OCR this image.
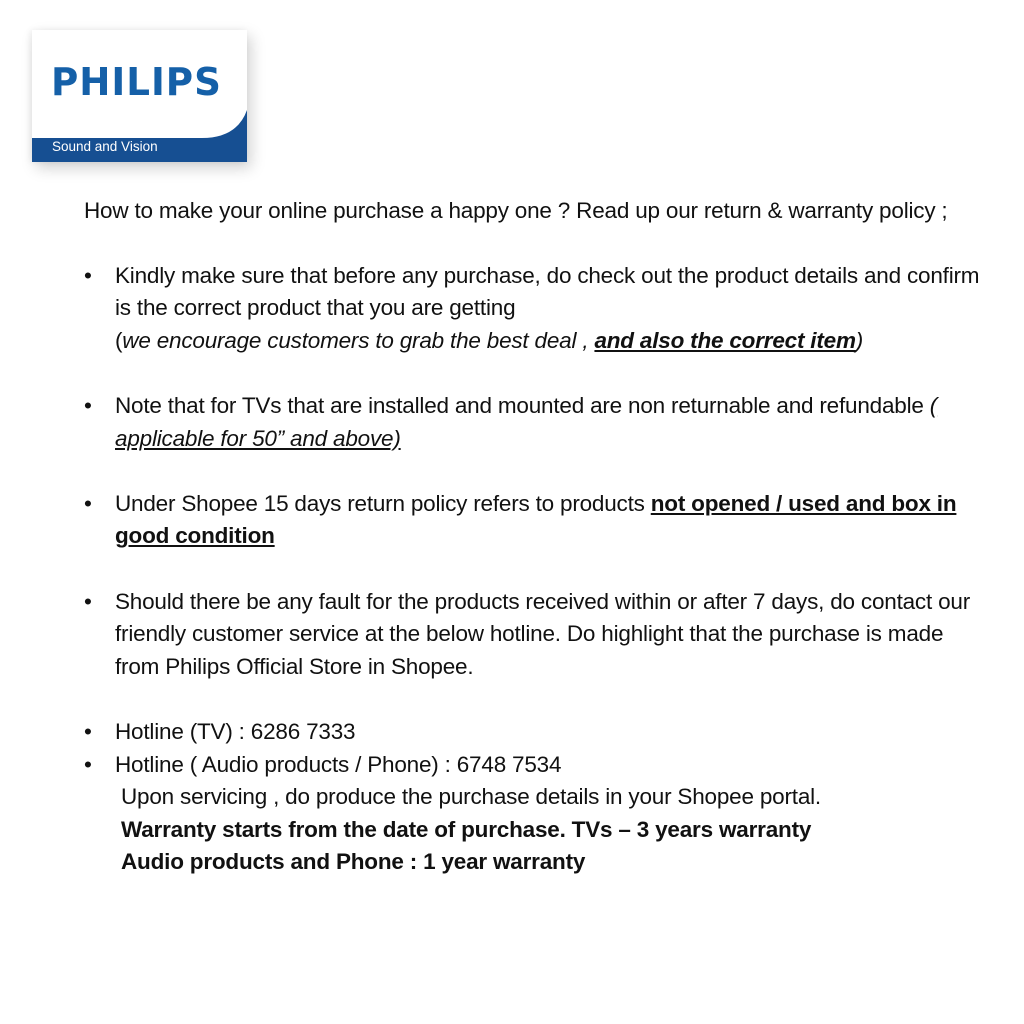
PHILIPS
Sound and Vision

How to make your online purchase a happy one ? Read up our return & warranty policy ;

•	Kindly make sure that before any purchase, do check out the product details and confirm is the correct product that you are getting
(we encourage customers to grab the best deal , and also the correct item)
•	Note that for TVs that are installed and mounted are non returnable and refundable ( applicable for 50” and above)
•	Under Shopee 15 days return policy refers to products not opened / used and box in good condition
•	Should there be any fault for the products received within or after 7 days, do contact our friendly customer service at the below hotline. Do highlight that the purchase is made from Philips Official Store in Shopee.
•	Hotline (TV) : 6286 7333
•	Hotline ( Audio products / Phone) : 6748 7534
Upon servicing , do produce the purchase details in your Shopee portal.
Warranty starts from the date of purchase. TVs – 3 years warranty
Audio products and Phone : 1 year warranty
